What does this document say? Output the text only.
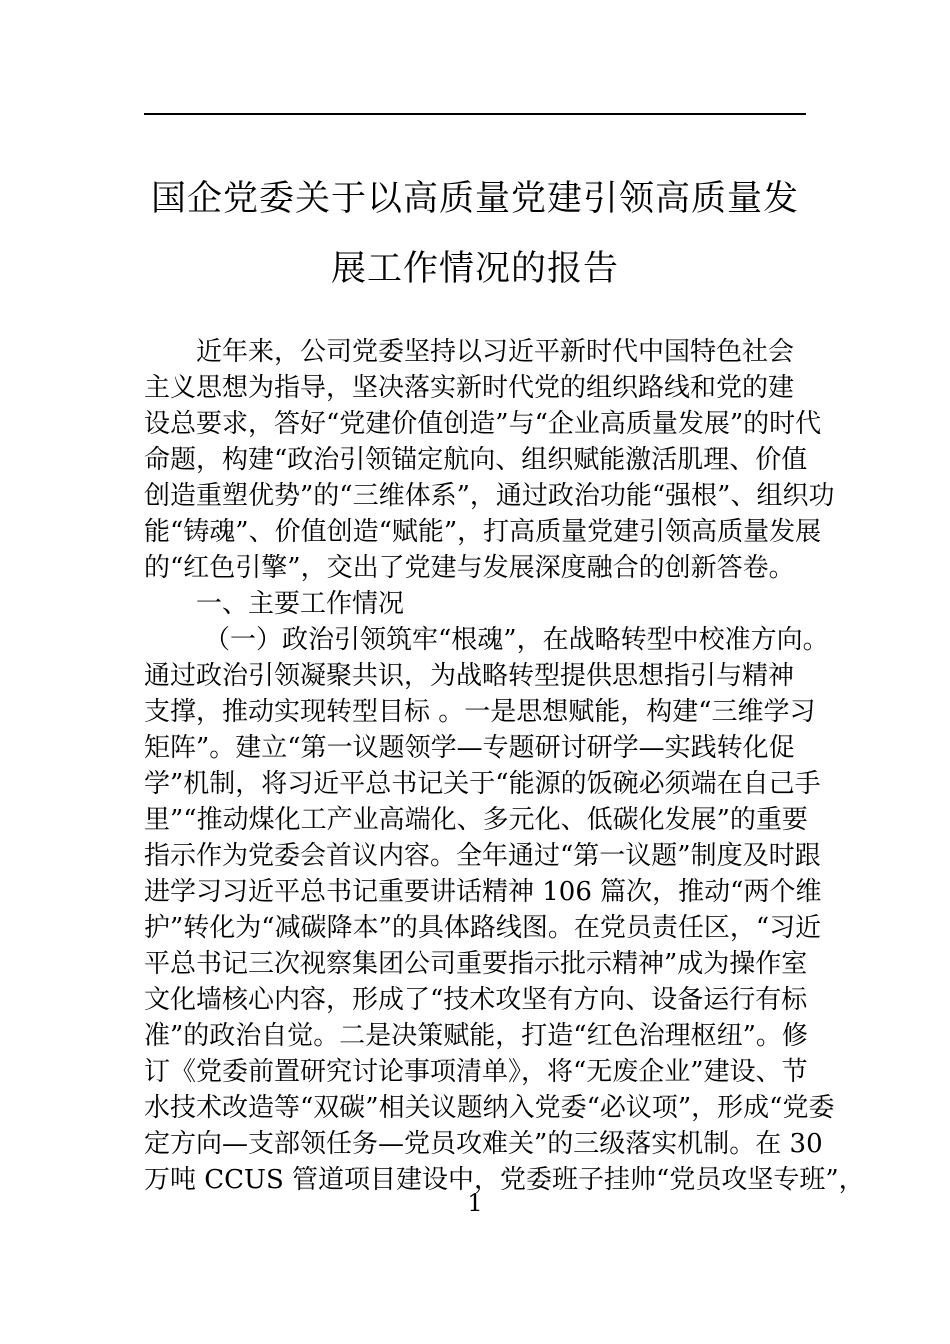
国企党委关于以高质量党建引领高质量发
展工作情况的报告
近年来，公司党委坚持以习近平新时代中国特色社会
主义思想为指导，坚决落实新时代党的组织路线和党的建
设总要求，答好“党建价值创造”与“企业高质量发展”的时代
命题，构建“政治引领锚定航向、组织赋能激活肌理、价值
创造重塑优势”的“三维体系”，通过政治功能“强根”、组织功
能“铸魂”、价值创造“赋能”，打高质量党建引领高质量发展
的“红色引擎”，交出了党建与发展深度融合的创新答卷。
一、主要工作情况
（一）政治引领筑牢“根魂”，在战略转型中校准方向。
通过政治引领凝聚共识，为战略转型提供思想指引与精神
支撑，推动实现转型目标 。一是思想赋能，构建“三维学习
矩阵”。建立“第一议题领学—专题研讨研学—实践转化促
学”机制，将习近平总书记关于“能源的饭碗必须端在自己手
里”“推动煤化工产业高端化、多元化、低碳化发展”的重要
指示作为党委会首议内容。全年通过“第一议题”制度及时跟
进学习习近平总书记重要讲话精神 106 篇次，推动“两个维
护”转化为“减碳降本”的具体路线图。在党员责任区，“习近
平总书记三次视察集团公司重要指示批示精神”成为操作室
文化墙核心内容，形成了“技术攻坚有方向、设备运行有标
准”的政治自觉。二是决策赋能，打造“红色治理枢纽”。修
订《党委前置研究讨论事项清单》，将“无废企业”建设、节
水技术改造等“双碳”相关议题纳入党委“必议项”，形成“党委
定方向—支部领任务—党员攻难关”的三级落实机制。在 30
万吨 CCUS 管道项目建设中，党委班子挂帅“党员攻坚专班”，
1
